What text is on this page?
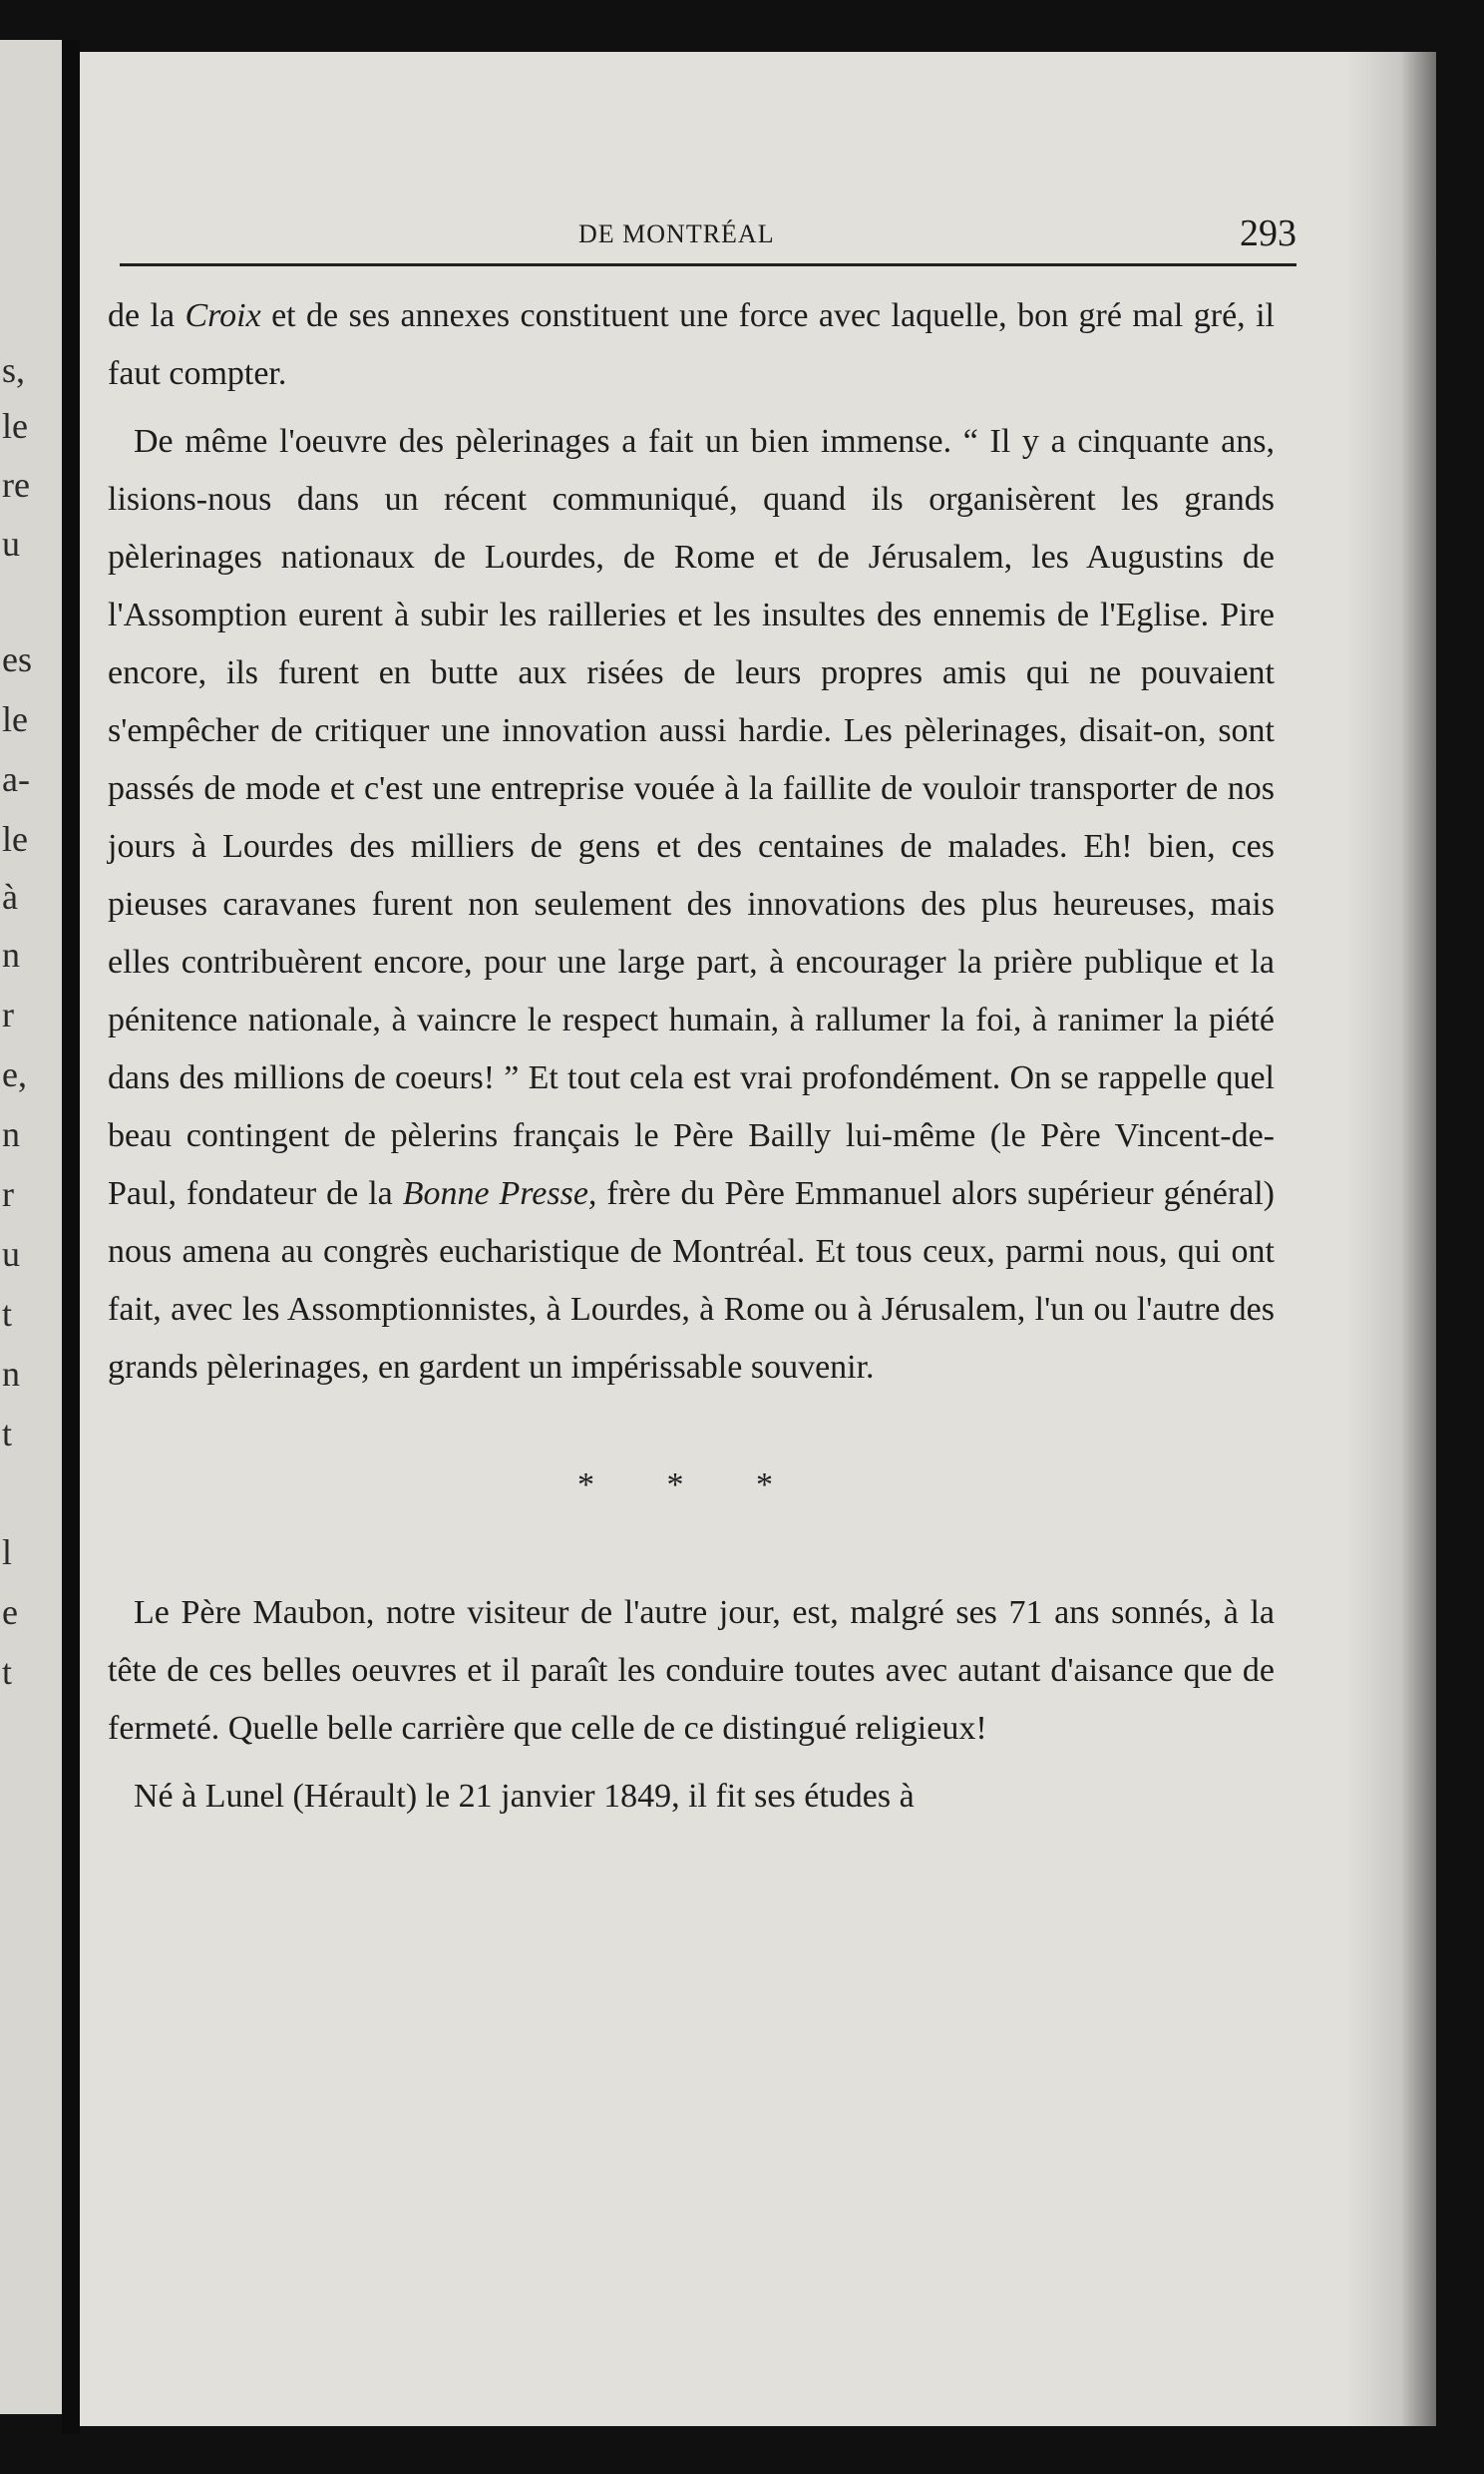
s,
le
re
u
es
le
a-
le
à
n
r
e,
n
r
u
t
n
t
l
e
t
DE MONTRÉAL	293

de la Croix et de ses annexes constituent une force avec laquelle, bon gré mal gré, il faut compter.

De même l'oeuvre des pèlerinages a fait un bien immense. “ Il y a cinquante ans, lisions-nous dans un récent communiqué, quand ils organisèrent les grands pèlerinages nationaux de Lourdes, de Rome et de Jérusalem, les Augustins de l'Assomption eurent à subir les railleries et les insultes des ennemis de l'Eglise. Pire encore, ils furent en butte aux risées de leurs propres amis qui ne pouvaient s'empêcher de critiquer une innovation aussi hardie. Les pèlerinages, disait-on, sont passés de mode et c'est une entreprise vouée à la faillite de vouloir transporter de nos jours à Lourdes des milliers de gens et des centaines de malades. Eh! bien, ces pieuses caravanes furent non seulement des innovations des plus heureuses, mais elles contribuèrent encore, pour une large part, à encourager la prière publique et la pénitence nationale, à vaincre le respect humain, à rallumer la foi, à ranimer la piété dans des millions de coeurs! ” Et tout cela est vrai profondément. On se rappelle quel beau contingent de pèlerins français le Père Bailly lui-même (le Père Vincent-de-Paul, fondateur de la Bonne Presse, frère du Père Emmanuel alors supérieur général) nous amena au congrès eucharistique de Montréal. Et tous ceux, parmi nous, qui ont fait, avec les Assomptionnistes, à Lourdes, à Rome ou à Jérusalem, l'un ou l'autre des grands pèlerinages, en gardent un impérissable souvenir.

* * *

Le Père Maubon, notre visiteur de l'autre jour, est, malgré ses 71 ans sonnés, à la tête de ces belles oeuvres et il paraît les conduire toutes avec autant d'aisance que de fermeté. Quelle belle carrière que celle de ce distingué religieux!

Né à Lunel (Hérault) le 21 janvier 1849, il fit ses études à
